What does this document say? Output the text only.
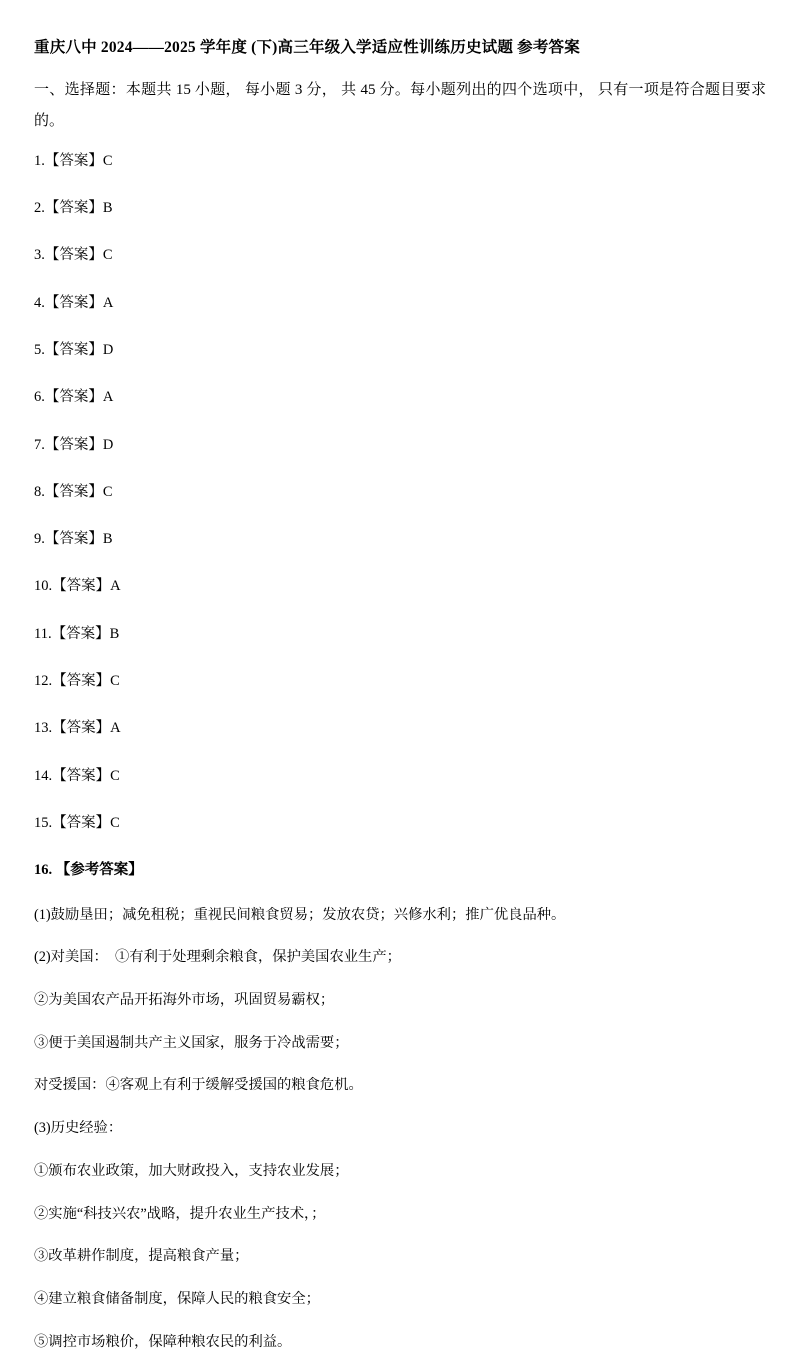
重庆八中 2024——2025 学年度 (下)高三年级入学适应性训练历史试题 参考答案
一、选择题：本题共 15 小题， 每小题 3 分， 共 45 分。每小题列出的四个选项中， 只有一项是符合题目要求的。
1.【答案】C
2.【答案】B
3.【答案】C
4.【答案】A
5.【答案】D
6.【答案】A
7.【答案】D
8.【答案】C
9.【答案】B
10.【答案】A
11.【答案】B
12.【答案】C
13.【答案】A
14.【答案】C
15.【答案】C
16. 【参考答案】
(1)鼓励垦田；减免租税；重视民间粮食贸易；发放农贷；兴修水利；推广优良品种。
(2)对美国：　①有利于处理剩余粮食，保护美国农业生产；
②为美国农产品开拓海外市场，巩固贸易霸权；
③便于美国遏制共产主义国家，服务于冷战需要；
对受援国：④客观上有利于缓解受援国的粮食危机。
(3)历史经验：
①颁布农业政策，加大财政投入，支持农业发展；
②实施“科技兴农”战略，提升农业生产技术，；
③改革耕作制度，提高粮食产量；
④建立粮食储备制度，保障人民的粮食安全；
⑤调控市场粮价，保障种粮农民的利益。
